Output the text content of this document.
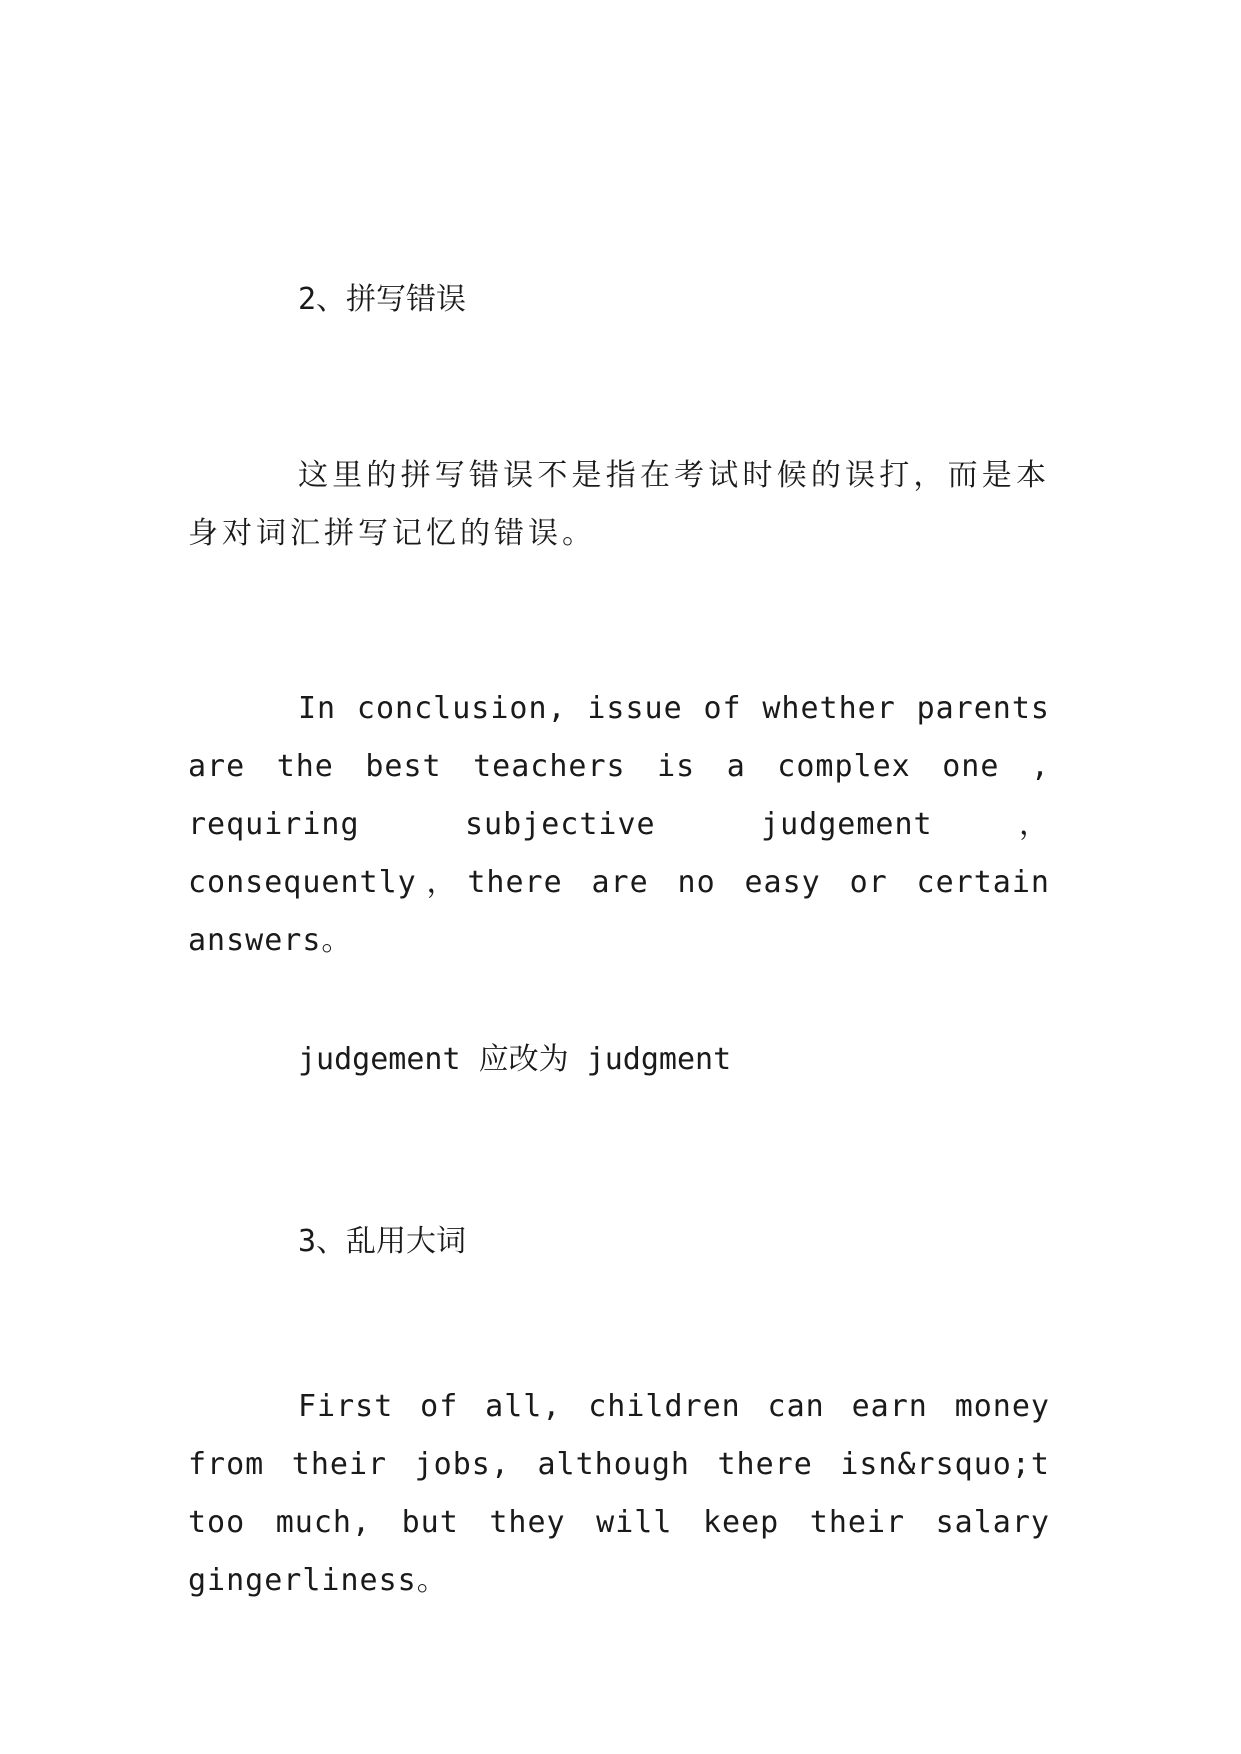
2、拼写错误
这里的拼写错误不是指在考试时候的误打，而是本身对词汇拼写记忆的错误。
In conclusion, issue of whether parents are the best teachers is a complex one , requiring subjective judgement，consequently，there are no easy or certain answers。
judgement 应改为 judgment
3、乱用大词
First of all, children can earn money from their jobs, although there isn&rsquo;t too much, but they will keep their salary gingerliness。
